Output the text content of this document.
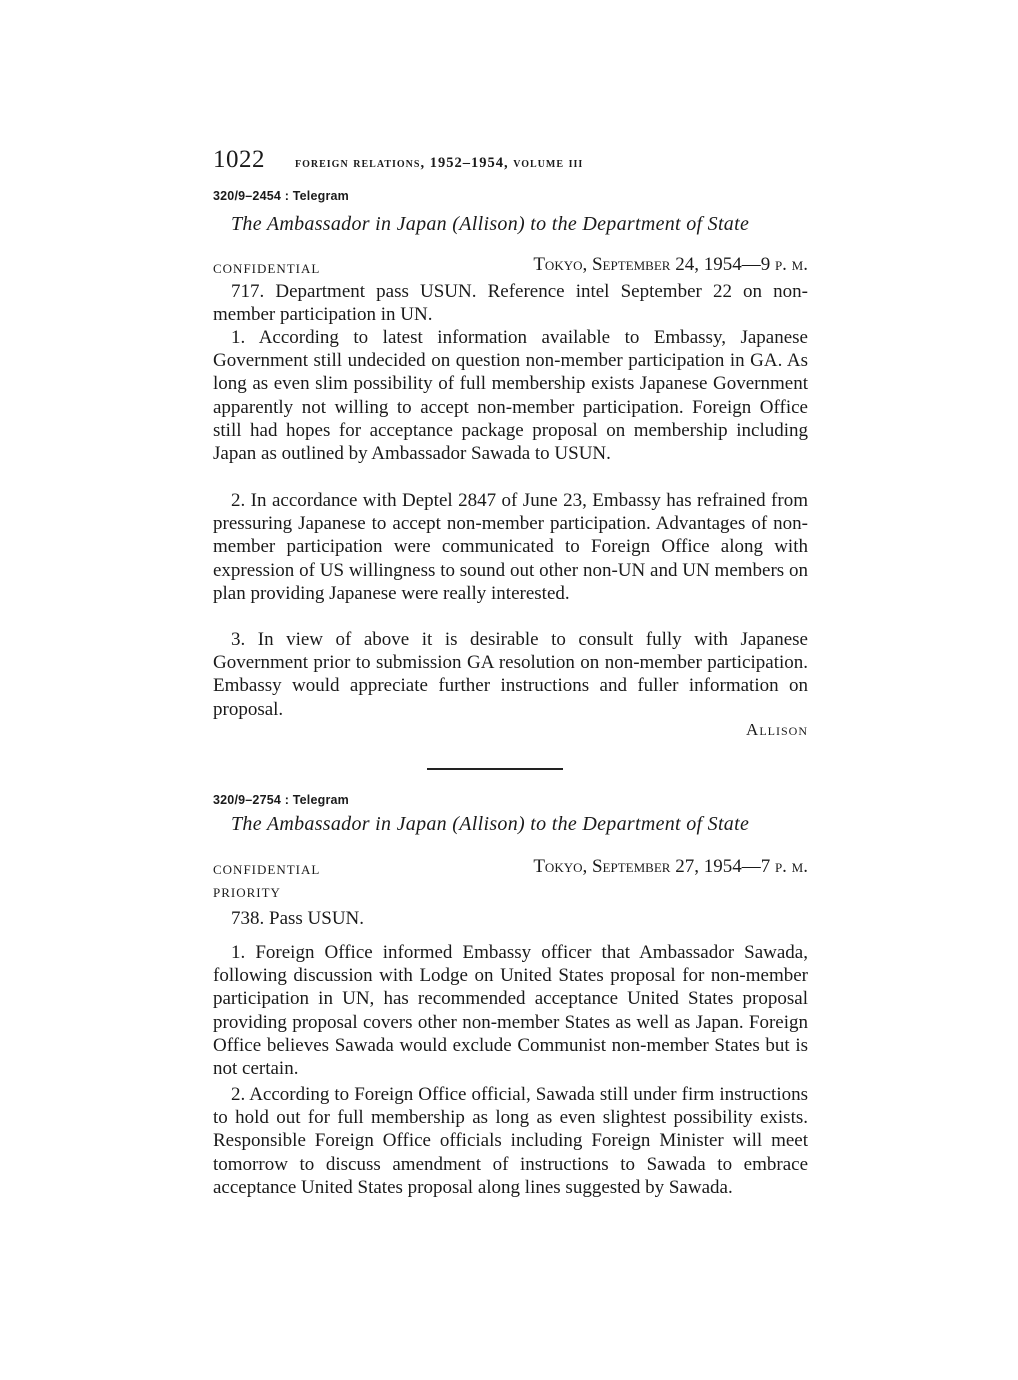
1022 foreign relations, 1952–1954, volume iii
320/9–2454 : Telegram
The Ambassador in Japan (Allison) to the Department of State
CONFIDENTIAL	Tokyo, September 24, 1954—9 p. m.

717. Department pass USUN. Reference intel September 22 on non-member participation in UN.

1. According to latest information available to Embassy, Japanese Government still undecided on question non-member participation in GA. As long as even slim possibility of full membership exists Japanese Government apparently not willing to accept non-member participation. Foreign Office still had hopes for acceptance package proposal on membership including Japan as outlined by Ambassador Sawada to USUN.

2. In accordance with Deptel 2847 of June 23, Embassy has refrained from pressuring Japanese to accept non-member participation. Advantages of non-member participation were communicated to Foreign Office along with expression of US willingness to sound out other non-UN and UN members on plan providing Japanese were really interested.

3. In view of above it is desirable to consult fully with Japanese Government prior to submission GA resolution on non-member participation. Embassy would appreciate further instructions and fuller information on proposal.

Allison
320/9–2754 : Telegram
The Ambassador in Japan (Allison) to the Department of State
CONFIDENTIAL	Tokyo, September 27, 1954—7 p. m.
PRIORITY

738. Pass USUN.

1. Foreign Office informed Embassy officer that Ambassador Sawada, following discussion with Lodge on United States proposal for non-member participation in UN, has recommended acceptance United States proposal providing proposal covers other non-member States as well as Japan. Foreign Office believes Sawada would exclude Communist non-member States but is not certain.

2. According to Foreign Office official, Sawada still under firm instructions to hold out for full membership as long as even slightest possibility exists. Responsible Foreign Office officials including Foreign Minister will meet tomorrow to discuss amendment of instructions to Sawada to embrace acceptance United States proposal along lines suggested by Sawada.
